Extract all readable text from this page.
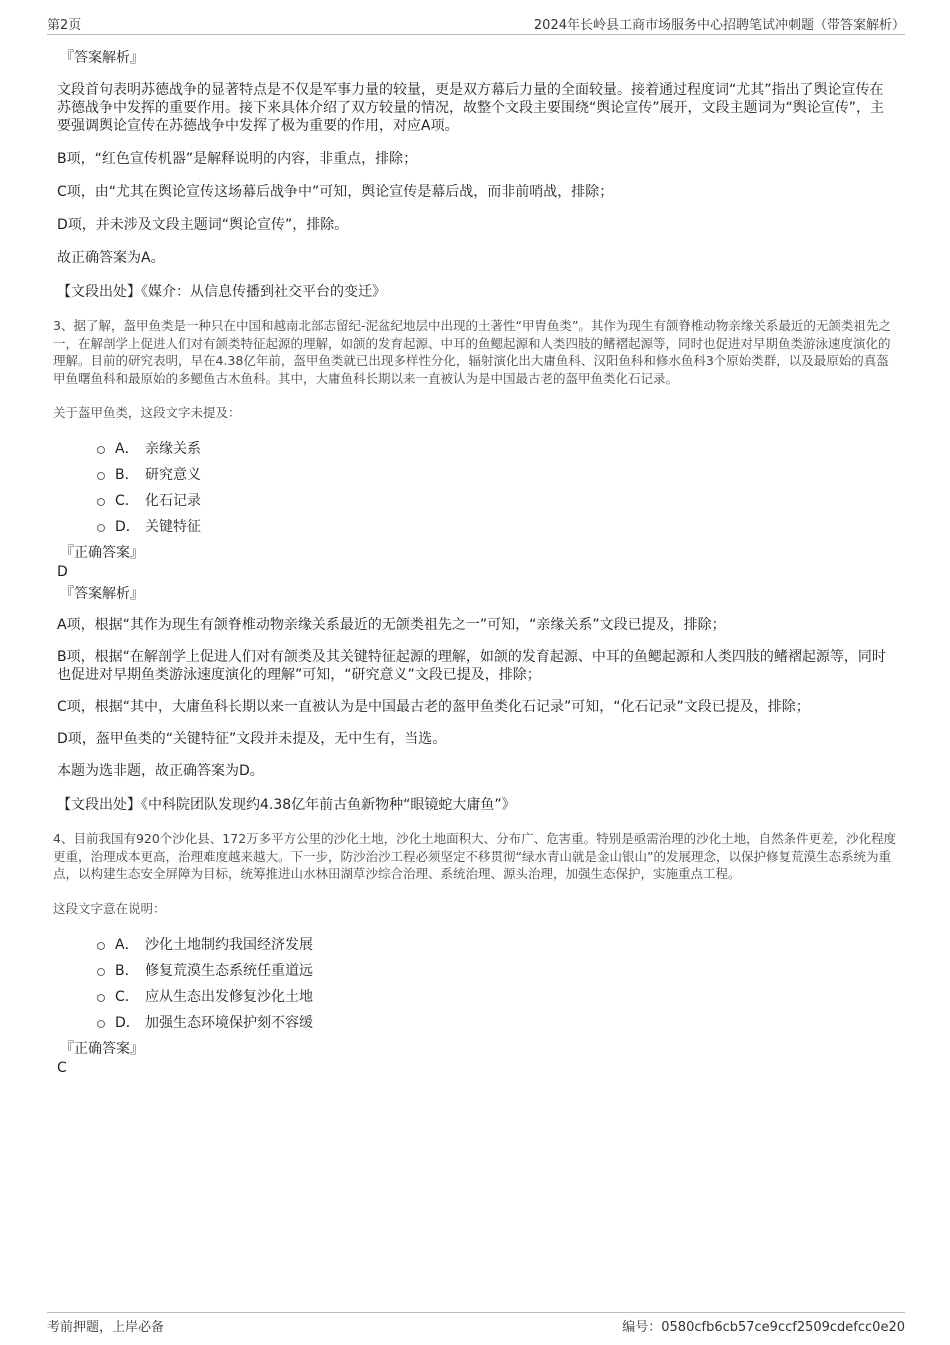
第2页	2024年长岭县工商市场服务中心招聘笔试冲刺题（带答案解析）
『答案解析』

文段首句表明苏德战争的显著特点是不仅是军事力量的较量，更是双方幕后力量的全面较量。接着通过程度词“尤其”指出了舆论宣传在苏德战争中发挥的重要作用。接下来具体介绍了双方较量的情况，故整个文段主要围绕“舆论宣传”展开，文段主题词为“舆论宣传”，主要强调舆论宣传在苏德战争中发挥了极为重要的作用，对应A项。

B项，“红色宣传机器”是解释说明的内容，非重点，排除；

C项，由“尤其在舆论宣传这场幕后战争中”可知，舆论宣传是幕后战，而非前哨战，排除；

D项，并未涉及文段主题词“舆论宣传”，排除。

故正确答案为A。

【文段出处】《媒介：从信息传播到社交平台的变迁》

3、据了解，盔甲鱼类是一种只在中国和越南北部志留纪-泥盆纪地层中出现的土著性“甲胄鱼类”。其作为现生有颌脊椎动物亲缘关系最近的无颌类祖先之一，在解剖学上促进人们对有颌类特征起源的理解，如颌的发育起源、中耳的鱼鳃起源和人类四肢的鳍褶起源等，同时也促进对早期鱼类游泳速度演化的理解。目前的研究表明，早在4.38亿年前，盔甲鱼类就已出现多样性分化，辐射演化出大庸鱼科、汉阳鱼科和修水鱼科3个原始类群，以及最原始的真盔甲鱼曙鱼科和最原始的多鳃鱼古木鱼科。其中，大庸鱼科长期以来一直被认为是中国最古老的盔甲鱼类化石记录。

关于盔甲鱼类，这段文字未提及：

A． 亲缘关系
B． 研究意义
C． 化石记录
D． 关键特征
『正确答案』

D

『答案解析』

A项，根据“其作为现生有颌脊椎动物亲缘关系最近的无颌类祖先之一”可知，“亲缘关系”文段已提及，排除；

B项，根据“在解剖学上促进人们对有颌类及其关键特征起源的理解，如颌的发育起源、中耳的鱼鳃起源和人类四肢的鳍褶起源等，同时也促进对早期鱼类游泳速度演化的理解”可知，“研究意义”文段已提及，排除；

C项，根据“其中，大庸鱼科长期以来一直被认为是中国最古老的盔甲鱼类化石记录”可知，“化石记录”文段已提及，排除；

D项，盔甲鱼类的“关键特征”文段并未提及，无中生有，当选。

本题为选非题，故正确答案为D。

【文段出处】《中科院团队发现约4.38亿年前古鱼新物种“眼镜蛇大庸鱼”》

4、目前我国有920个沙化县、172万多平方公里的沙化土地，沙化土地面积大、分布广、危害重。特别是亟需治理的沙化土地，自然条件更差，沙化程度更重，治理成本更高，治理难度越来越大。下一步，防沙治沙工程必须坚定不移贯彻“绿水青山就是金山银山”的发展理念，以保护修复荒漠生态系统为重点，以构建生态安全屏障为目标，统筹推进山水林田湖草沙综合治理、系统治理、源头治理，加强生态保护，实施重点工程。

这段文字意在说明：

A． 沙化土地制约我国经济发展
B． 修复荒漠生态系统任重道远
C． 应从生态出发修复沙化土地
D． 加强生态环境保护刻不容缓
『正确答案』

C

考前押题，上岸必备	编号：0580cfb6cb57ce9ccf2509cdefcc0e20
